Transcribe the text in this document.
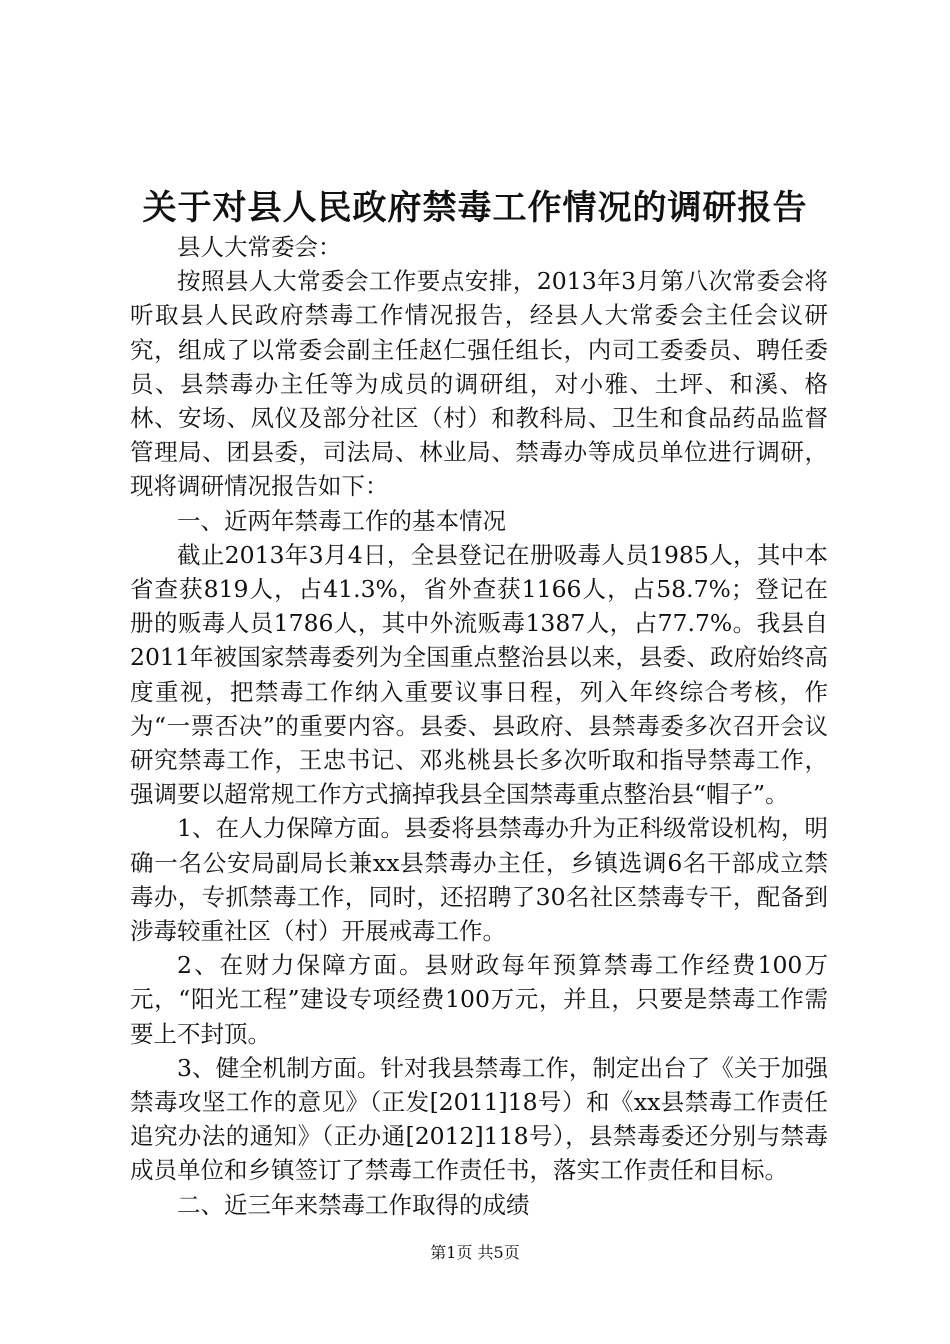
关于对县人民政府禁毒工作情况的调研报告

县人大常委会：

按照县人大常委会工作要点安排，2013年3月第八次常委会将听取县人民政府禁毒工作情况报告，经县人大常委会主任会议研究，组成了以常委会副主任赵仁强任组长，内司工委委员、聘任委员、县禁毒办主任等为成员的调研组，对小雅、土坪、和溪、格林、安场、凤仪及部分社区（村）和教科局、卫生和食品药品监督管理局、团县委，司法局、林业局、禁毒办等成员单位进行调研，现将调研情况报告如下：

一、近两年禁毒工作的基本情况

截止2013年3月4日，全县登记在册吸毒人员1985人，其中本省查获819人，占41.3%，省外查获1166人，占58.7%；登记在册的贩毒人员1786人，其中外流贩毒1387人，占77.7%。我县自2011年被国家禁毒委列为全国重点整治县以来，县委、政府始终高度重视，把禁毒工作纳入重要议事日程，列入年终综合考核，作为“一票否决”的重要内容。县委、县政府、县禁毒委多次召开会议研究禁毒工作，王忠书记、邓兆桃县长多次听取和指导禁毒工作，强调要以超常规工作方式摘掉我县全国禁毒重点整治县“帽子”。

1、在人力保障方面。县委将县禁毒办升为正科级常设机构，明确一名公安局副局长兼xx县禁毒办主任，乡镇选调6名干部成立禁毒办，专抓禁毒工作，同时，还招聘了30名社区禁毒专干，配备到涉毒较重社区（村）开展戒毒工作。

2、在财力保障方面。县财政每年预算禁毒工作经费100万元，“阳光工程”建设专项经费100万元，并且，只要是禁毒工作需要上不封顶。

3、健全机制方面。针对我县禁毒工作，制定出台了《关于加强禁毒攻坚工作的意见》（正发[2011]18号）和《xx县禁毒工作责任追究办法的通知》（正办通[2012]118号），县禁毒委还分别与禁毒成员单位和乡镇签订了禁毒工作责任书，落实工作责任和目标。

二、近三年来禁毒工作取得的成绩

第1页 共5页
